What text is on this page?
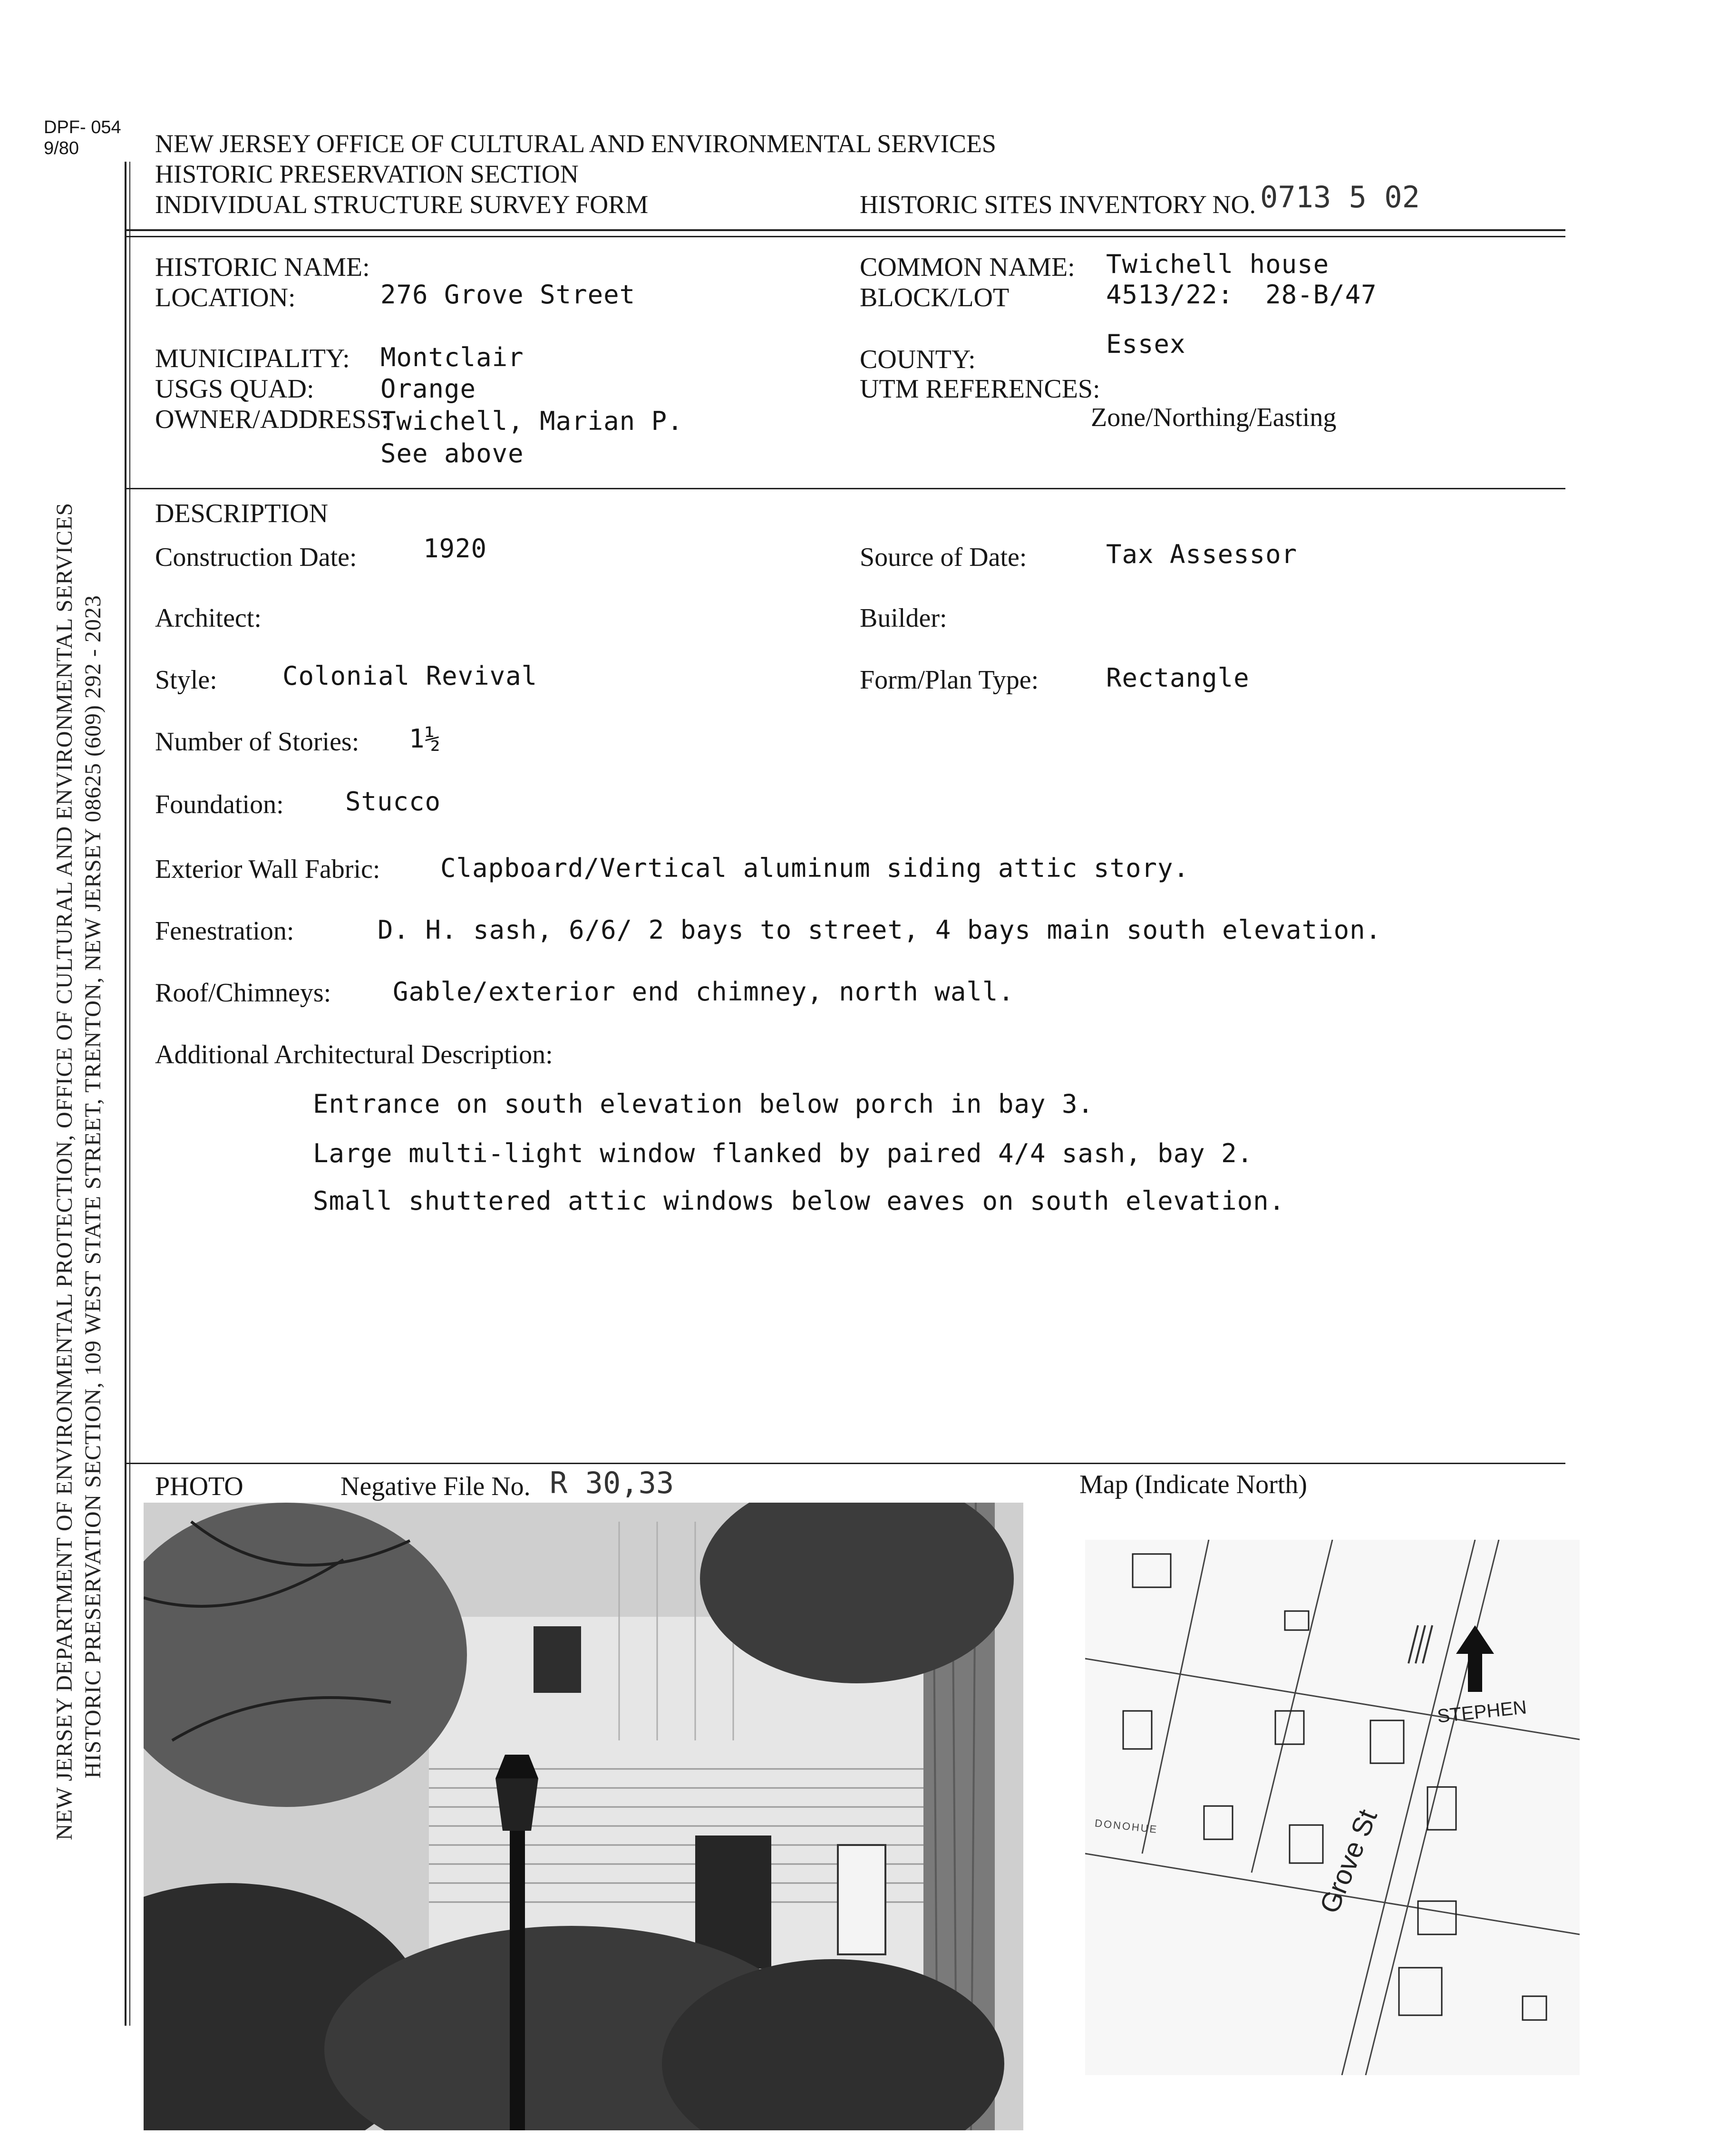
DPF- 054
9/80
NEW JERSEY DEPARTMENT OF ENVIRONMENTAL PROTECTION, OFFICE OF CULTURAL AND ENVIRONMENTAL SERVICES HISTORIC PRESERVATION SECTION, 109 WEST STATE STREET, TRENTON, NEW JERSEY 08625 (609) 292 - 2023
NEW JERSEY OFFICE OF CULTURAL AND ENVIRONMENTAL SERVICES
HISTORIC PRESERVATION SECTION
INDIVIDUAL STRUCTURE SURVEY FORM	HISTORIC SITES INVENTORY NO. 0713 5 02
HISTORIC NAME:
LOCATION:	276 Grove Street
MUNICIPALITY: Montclair
USGS QUAD:	Orange
OWNER/ADDRESS:
Twichell, Marian P.
See above
COMMON NAME: Twichell house
BLOCK/LOT	4513/22:  28-B/47
COUNTY:
Essex
UTM REFERENCES:
Zone/Northing/Easting
DESCRIPTION
Construction Date:	1920	Source of Date:	Tax Assessor
Architect:	Builder:
Style:	Colonial Revival	Form/Plan Type:	Rectangle
Number of Stories: 1½
Foundation: Stucco
Exterior Wall Fabric: Clapboard/Vertical aluminum siding attic story.
Fenestration:	D. H. sash, 6/6/ 2 bays to street, 4 bays main south elevation.
Roof/Chimneys: Gable/exterior end chimney, north wall.
Additional Architectural Description:
Entrance on south elevation below porch in bay 3.
Large multi-light window flanked by paired 4/4 sash, bay 2.
Small shuttered attic windows below eaves on south elevation.
PHOTO	Negative File No. R 30,33	Map (Indicate North)
STEPHEN
Grove St
DONOHUE
